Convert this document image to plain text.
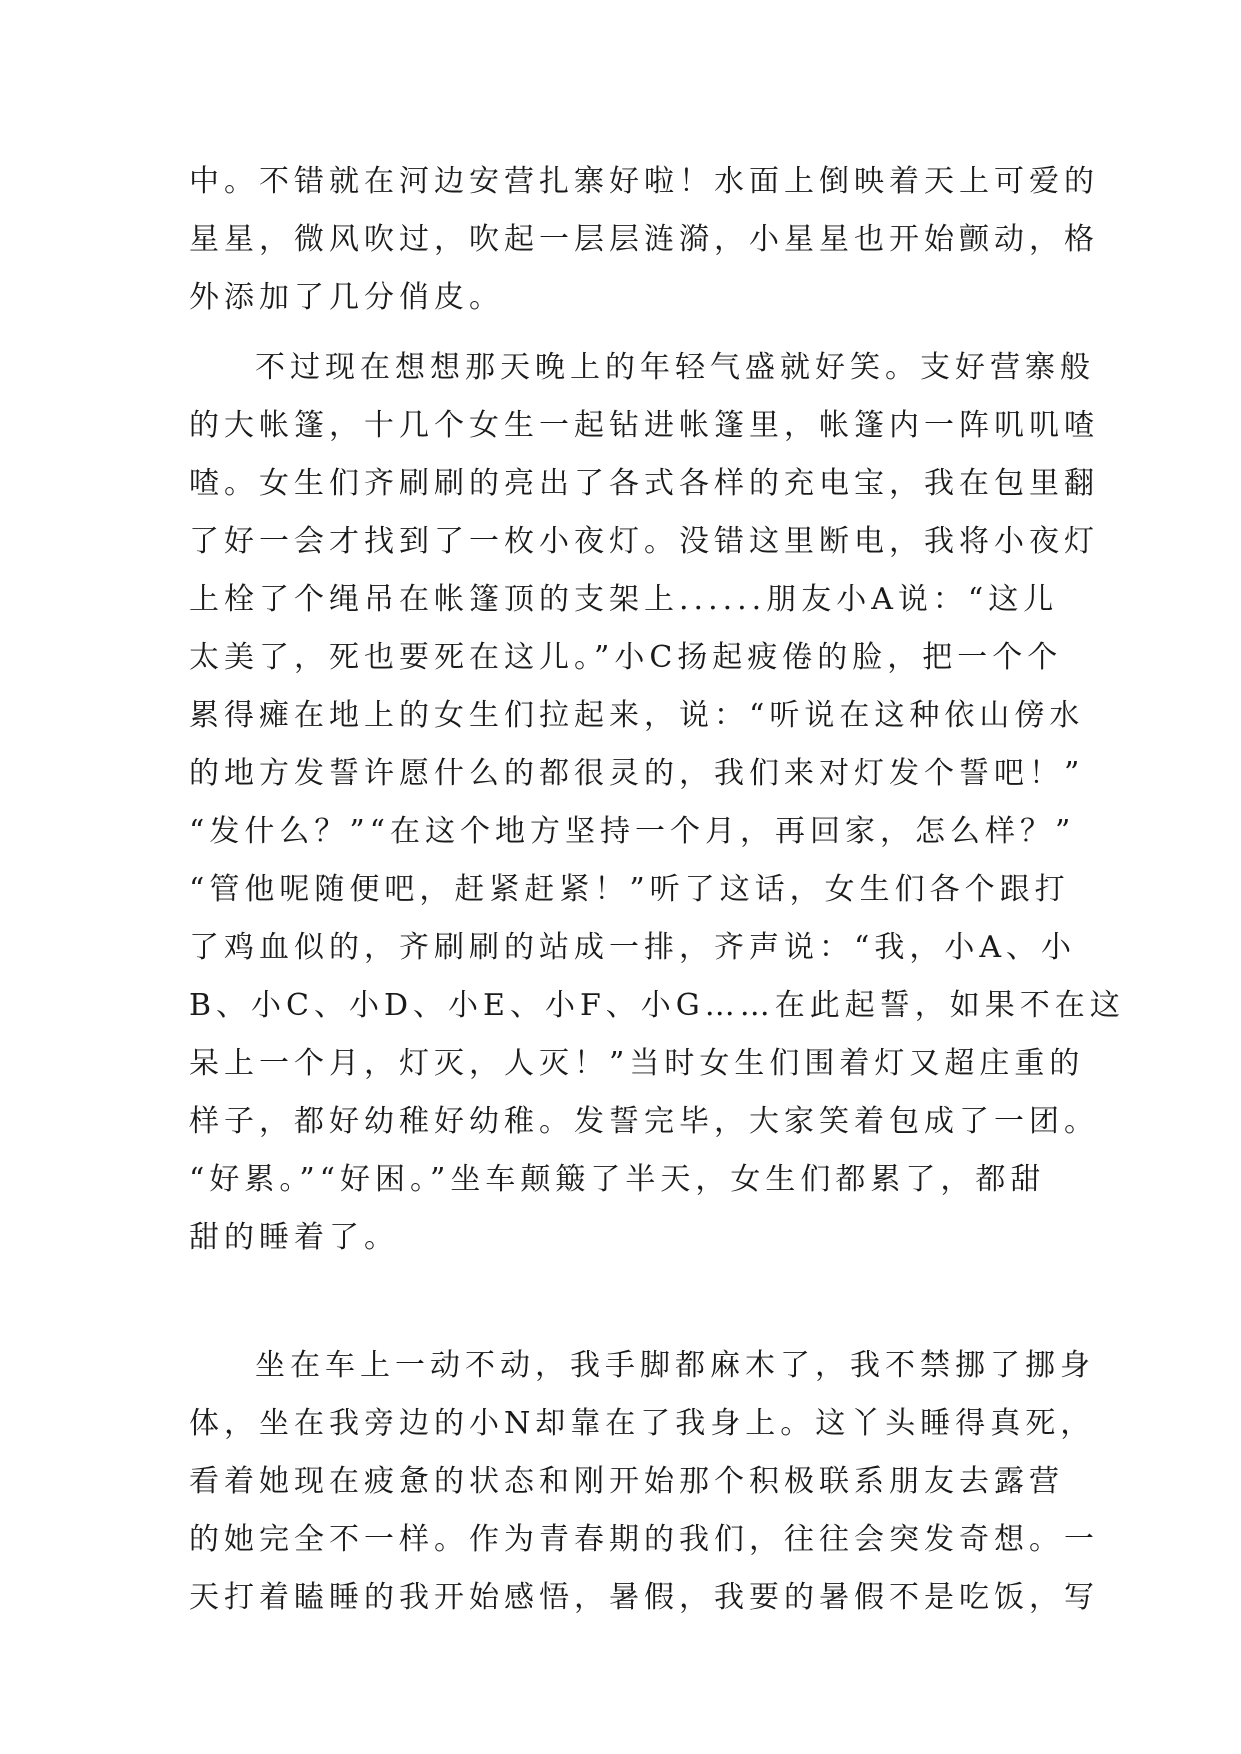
中。不错就在河边安营扎寨好啦！水面上倒映着天上可爱的
星星，微风吹过，吹起一层层涟漪，小星星也开始颤动，格
外添加了几分俏皮。
不过现在想想那天晚上的年轻气盛就好笑。支好营寨般
的大帐篷，十几个女生一起钻进帐篷里，帐篷内一阵叽叽喳
喳。女生们齐刷刷的亮出了各式各样的充电宝，我在包里翻
了好一会才找到了一枚小夜灯。没错这里断电，我将小夜灯
上栓了个绳吊在帐篷顶的支架上......朋友小A说：“这儿
太美了，死也要死在这儿。”小C扬起疲倦的脸，把一个个
累得瘫在地上的女生们拉起来，说：“听说在这种依山傍水
的地方发誓许愿什么的都很灵的，我们来对灯发个誓吧！”
“发什么？”“在这个地方坚持一个月，再回家，怎么样？”
“管他呢随便吧，赶紧赶紧！”听了这话，女生们各个跟打
了鸡血似的，齐刷刷的站成一排，齐声说：“我，小A、小
B、小C、小D、小E、小F、小G……在此起誓，如果不在这
呆上一个月，灯灭，人灭！”当时女生们围着灯又超庄重的
样子，都好幼稚好幼稚。发誓完毕，大家笑着包成了一团。
“好累。”“好困。”坐车颠簸了半天，女生们都累了，都甜
甜的睡着了。
坐在车上一动不动，我手脚都麻木了，我不禁挪了挪身
体，坐在我旁边的小N却靠在了我身上。这丫头睡得真死，
看着她现在疲惫的状态和刚开始那个积极联系朋友去露营
的她完全不一样。作为青春期的我们，往往会突发奇想。一
天打着瞌睡的我开始感悟，暑假，我要的暑假不是吃饭，写
